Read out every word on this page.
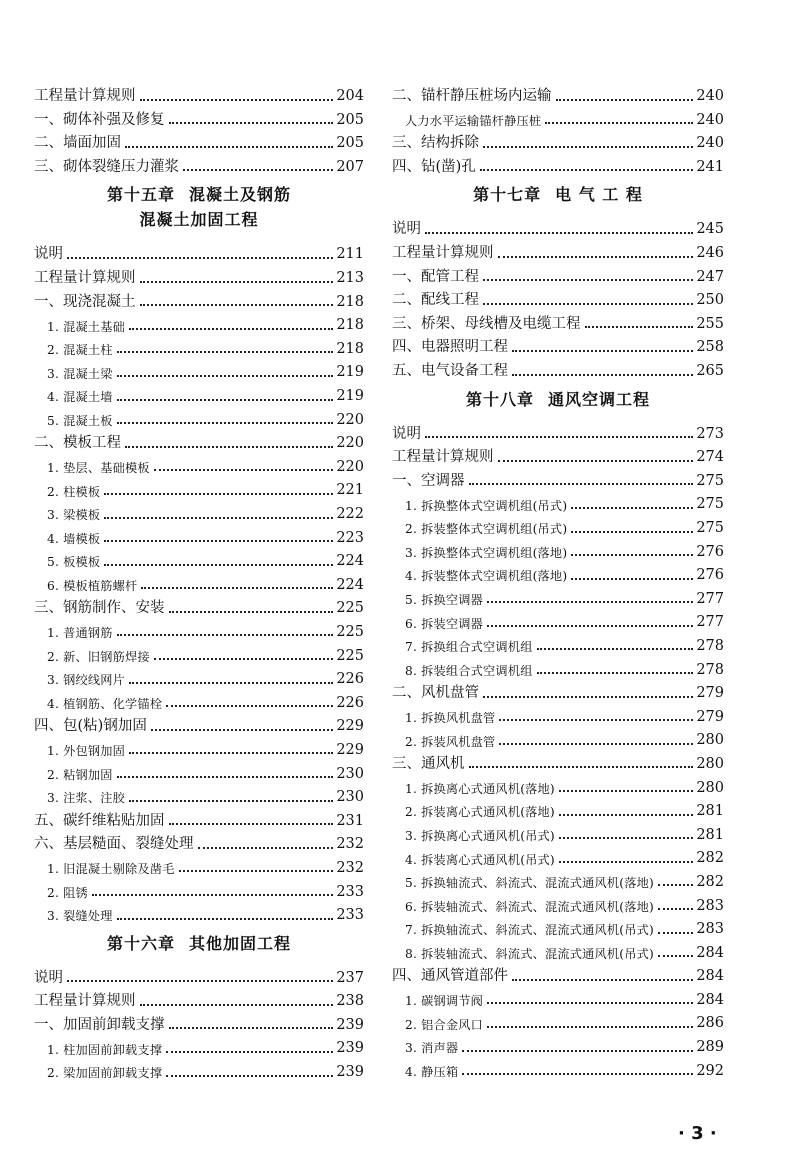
工程量计算规则	204
一、砌体补强及修复	205
二、墙面加固	205
三、砌体裂缝压力灌浆	207
第十五章 混凝土及钢筋
混凝土加固工程
说明	211
工程量计算规则	213
一、现浇混凝土	218
1. 混凝土基础	218
2. 混凝土柱	218
3. 混凝土梁	219
4. 混凝土墙	219
5. 混凝土板	220
二、模板工程	220
1. 垫层、基础模板	220
2. 柱模板	221
3. 梁模板	222
4. 墙模板	223
5. 板模板	224
6. 模板植筋螺杆	224
三、钢筋制作、安装	225
1. 普通钢筋	225
2. 新、旧钢筋焊接	225
3. 钢绞线网片	226
4. 植钢筋、化学锚栓	226
四、包(粘)钢加固	229
1. 外包钢加固	229
2. 粘钢加固	230
3. 注浆、注胶	230
五、碳纤维粘贴加固	231
六、基层糙面、裂缝处理	232
1. 旧混凝土剔除及凿毛	232
2. 阻锈	233
3. 裂缝处理	233
第十六章 其他加固工程
说明	237
工程量计算规则	238
一、加固前卸载支撑	239
1. 柱加固前卸载支撑	239
2. 梁加固前卸载支撑	239
二、锚杆静压桩场内运输	240
人力水平运输锚杆静压桩	240
三、结构拆除	240
四、钻(凿)孔	241
第十七章 电 气 工 程
说明	245
工程量计算规则	246
一、配管工程	247
二、配线工程	250
三、桥架、母线槽及电缆工程	255
四、电器照明工程	258
五、电气设备工程	265
第十八章 通风空调工程
说明	273
工程量计算规则	274
一、空调器	275
1. 拆换整体式空调机组(吊式)	275
2. 拆装整体式空调机组(吊式)	275
3. 拆换整体式空调机组(落地)	276
4. 拆装整体式空调机组(落地)	276
5. 拆换空调器	277
6. 拆装空调器	277
7. 拆换组合式空调机组	278
8. 拆装组合式空调机组	278
二、风机盘管	279
1. 拆换风机盘管	279
2. 拆装风机盘管	280
三、通风机	280
1. 拆换离心式通风机(落地)	280
2. 拆装离心式通风机(落地)	281
3. 拆换离心式通风机(吊式)	281
4. 拆装离心式通风机(吊式)	282
5. 拆换轴流式、斜流式、混流式通风机(落地)	282
6. 拆装轴流式、斜流式、混流式通风机(落地)	283
7. 拆换轴流式、斜流式、混流式通风机(吊式)	283
8. 拆装轴流式、斜流式、混流式通风机(吊式)	284
四、通风管道部件	284
1. 碳钢调节阀	284
2. 铝合金风口	286
3. 消声器	289
4. 静压箱	292
· 3 ·
